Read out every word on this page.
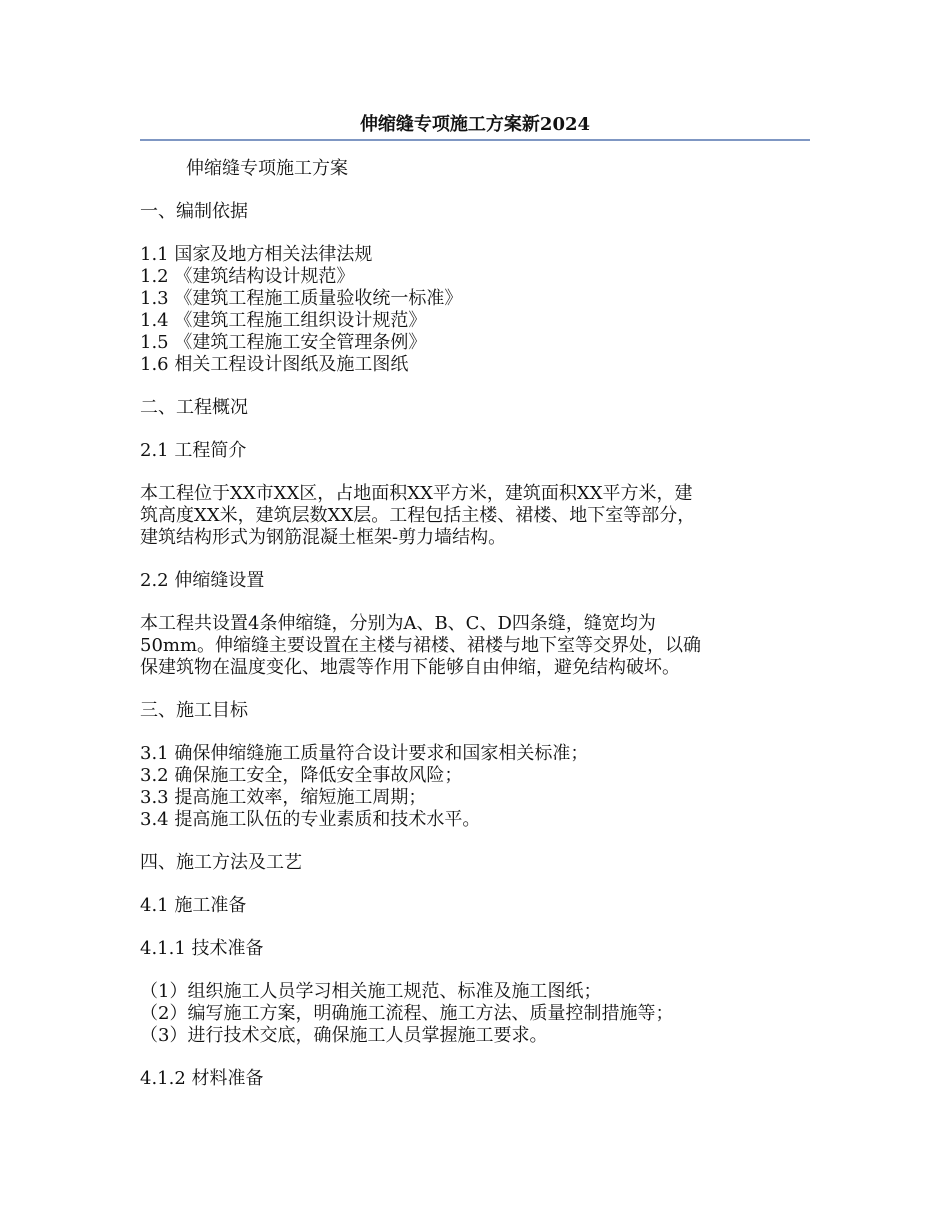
伸缩缝专项施工方案新2024

伸缩缝专项施工方案

一、编制依据

1.1 国家及地方相关法律法规
1.2 《建筑结构设计规范》
1.3 《建筑工程施工质量验收统一标准》
1.4 《建筑工程施工组织设计规范》
1.5 《建筑工程施工安全管理条例》
1.6 相关工程设计图纸及施工图纸

二、工程概况

2.1 工程简介

本工程位于XX市XX区，占地面积XX平方米，建筑面积XX平方米，建
筑高度XX米，建筑层数XX层。工程包括主楼、裙楼、地下室等部分，
建筑结构形式为钢筋混凝土框架-剪力墙结构。

2.2 伸缩缝设置

本工程共设置4条伸缩缝，分别为A、B、C、D四条缝，缝宽均为
50mm。伸缩缝主要设置在主楼与裙楼、裙楼与地下室等交界处，以确
保建筑物在温度变化、地震等作用下能够自由伸缩，避免结构破坏。

三、施工目标

3.1 确保伸缩缝施工质量符合设计要求和国家相关标准；
3.2 确保施工安全，降低安全事故风险；
3.3 提高施工效率，缩短施工周期；
3.4 提高施工队伍的专业素质和技术水平。

四、施工方法及工艺

4.1 施工准备

4.1.1 技术准备

（1）组织施工人员学习相关施工规范、标准及施工图纸；
（2）编写施工方案，明确施工流程、施工方法、质量控制措施等；
（3）进行技术交底，确保施工人员掌握施工要求。

4.1.2 材料准备
